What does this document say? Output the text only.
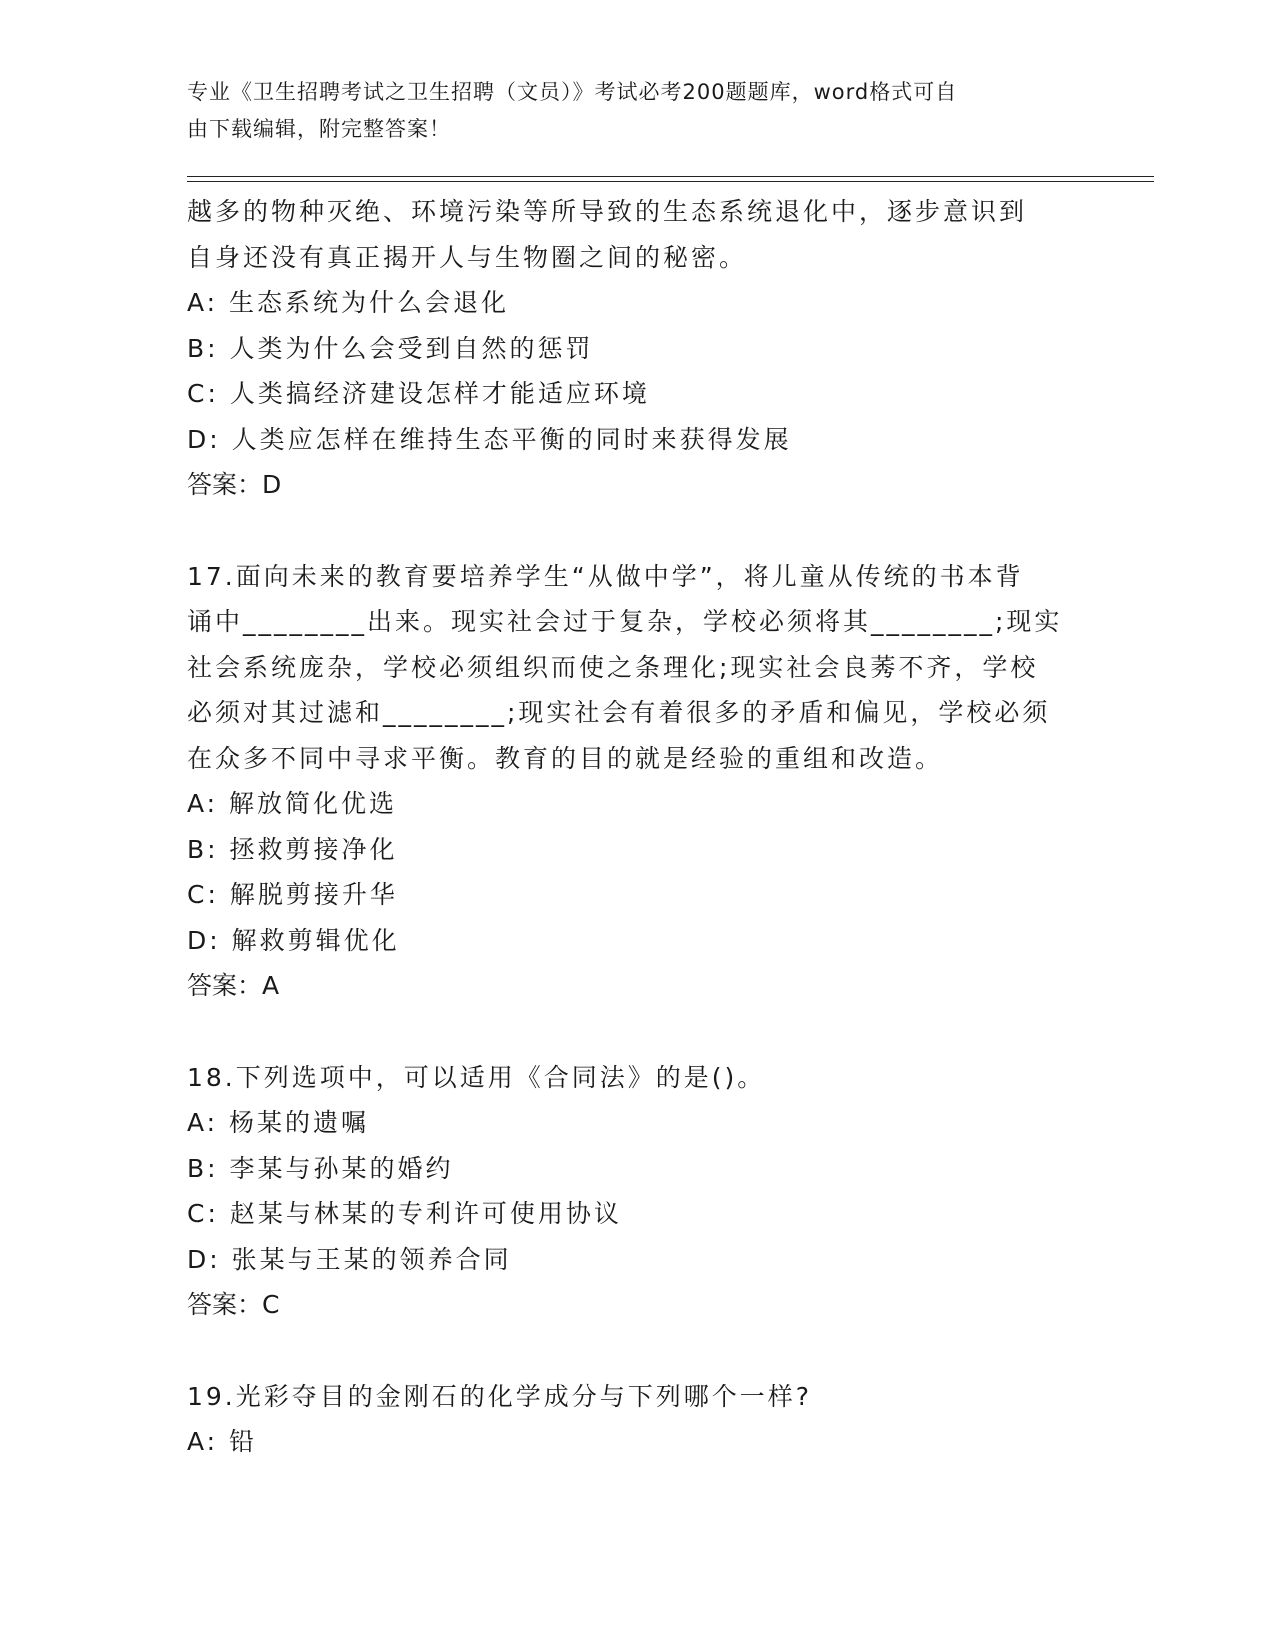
专业《卫生招聘考试之卫生招聘（文员）》考试必考200题题库，word格式可自
由下载编辑，附完整答案！
越多的物种灭绝、环境污染等所导致的生态系统退化中，逐步意识到
自身还没有真正揭开人与生物圈之间的秘密。
A: 生态系统为什么会退化
B: 人类为什么会受到自然的惩罚
C: 人类搞经济建设怎样才能适应环境
D: 人类应怎样在维持生态平衡的同时来获得发展
答案：D
17.面向未来的教育要培养学生“从做中学”，将儿童从传统的书本背
诵中________出来。现实社会过于复杂，学校必须将其________;现实
社会系统庞杂，学校必须组织而使之条理化;现实社会良莠不齐，学校
必须对其过滤和________;现实社会有着很多的矛盾和偏见，学校必须
在众多不同中寻求平衡。教育的目的就是经验的重组和改造。
A: 解放简化优选
B: 拯救剪接净化
C: 解脱剪接升华
D: 解救剪辑优化
答案：A
18.下列选项中，可以适用《合同法》的是()。
A: 杨某的遗嘱
B: 李某与孙某的婚约
C: 赵某与林某的专利许可使用协议
D: 张某与王某的领养合同
答案：C
19.光彩夺目的金刚石的化学成分与下列哪个一样?
A: 铅
